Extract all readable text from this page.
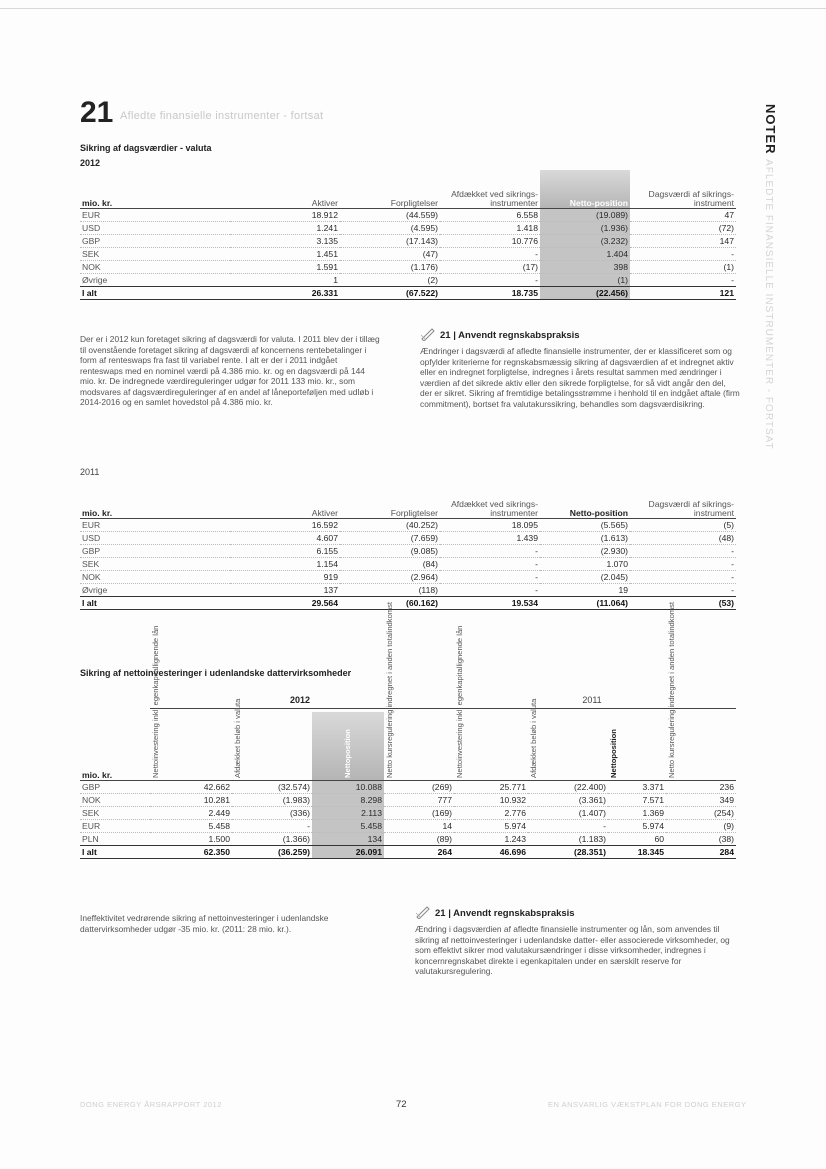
21 Afledte finansielle instrumenter - fortsat	NOTER AFLEDTE FINANSIELLE INSTRUMENTER - FORTSAT
Sikring af dagsværdier - valuta
2012
mio. kr.	Aktiver	Forpligtelser	Afdækket ved sikrings-instrumenter	Netto-position	Dagsværdi af sikrings-instrument
EUR	18.912	(44.559)	6.558	(19.089)	47
USD	1.241	(4.595)	1.418	(1.936)	(72)
GBP	3.135	(17.143)	10.776	(3.232)	147
SEK	1.451	(47)	-	1.404	-
NOK	1.591	(1.176)	(17)	398	(1)
Øvrige	1	(2)	-	(1)	-
I alt	26.331	(67.522)	18.735	(22.456)	121
Der er i 2012 kun foretaget sikring af dagsværdi for valuta. I 2011 blev der i tillæg til ovenstående foretaget sikring af dagsværdi af koncernens rentebetalinger i form af renteswaps fra fast til variabel rente. I alt er der i 2011 indgået renteswaps med en nominel værdi på 4.386 mio. kr. og en dagsværdi på 144 mio. kr. De indregnede værdireguleringer udgør for 2011 133 mio. kr., som modsvares af dagsværdireguleringer af en andel af låneporteføljen med udløb i 2014-2016 og en samlet hovedstol på 4.386 mio. kr.
21 | Anvendt regnskabspraksis
Ændringer i dagsværdi af afledte finansielle instrumenter, der er klassificeret som og opfylder kriterierne for regnskabsmæssig sikring af dagsværdien af et indregnet aktiv eller en indregnet forpligtelse, indregnes i årets resultat sammen med ændringer i værdien af det sikrede aktiv eller den sikrede forpligtelse, for så vidt angår den del, der er sikret. Sikring af fremtidige betalingsstrømme i henhold til en indgået aftale (firm commitment), bortset fra valutakurssikring, behandles som dagsværdisikring.
2011
mio. kr.	Aktiver	Forpligtelser	Afdækket ved sikrings-instrumenter	Netto-position	Dagsværdi af sikrings-instrument
EUR	16.592	(40.252)	18.095	(5.565)	(5)
USD	4.607	(7.659)	1.439	(1.613)	(48)
GBP	6.155	(9.085)	-	(2.930)	-
SEK	1.154	(84)	-	1.070	-
NOK	919	(2.964)	-	(2.045)	-
Øvrige	137	(118)	-	19	-
I alt	29.564	(60.162)	19.534	(11.064)	(53)
Sikring af nettoinvesteringer i udenlandske dattervirksomheder
2012	2011
mio. kr.	Nettoinvestering inkl. egenkapitallignende lån	Afdækket beløb i valuta	Nettoposition	Netto kursregulering indregnet i anden totalindkomst	Nettoinvestering inkl. egenkapitallignende lån	Afdækket beløb i valuta	Nettoposition	Netto kursregulering indregnet i anden totalindkomst
GBP	42.662	(32.574)	10.088	(269)	25.771	(22.400)	3.371	236
NOK	10.281	(1.983)	8.298	777	10.932	(3.361)	7.571	349
SEK	2.449	(336)	2.113	(169)	2.776	(1.407)	1.369	(254)
EUR	5.458	-	5.458	14	5.974	-	5.974	(9)
PLN	1.500	(1.366)	134	(89)	1.243	(1.183)	60	(38)
I alt	62.350	(36.259)	26.091	264	46.696	(28.351)	18.345	284
Ineffektivitet vedrørende sikring af nettoinvesteringer i udenlandske dattervirksomheder udgør -35 mio. kr. (2011: 28 mio. kr.).
21 | Anvendt regnskabspraksis
Ændring i dagsværdien af afledte finansielle instrumenter og lån, som anvendes til sikring af nettoinvesteringer i udenlandske datter- eller associerede virksomheder, og som effektivt sikrer mod valutakursændringer i disse virksomheder, indregnes i koncernregnskabet direkte i egenkapitalen under en særskilt reserve for valutakursregulering.
DONG ENERGY ÅRSRAPPORT 2012	72	EN ANSVARLIG VÆKSTPLAN FOR DONG ENERGY
